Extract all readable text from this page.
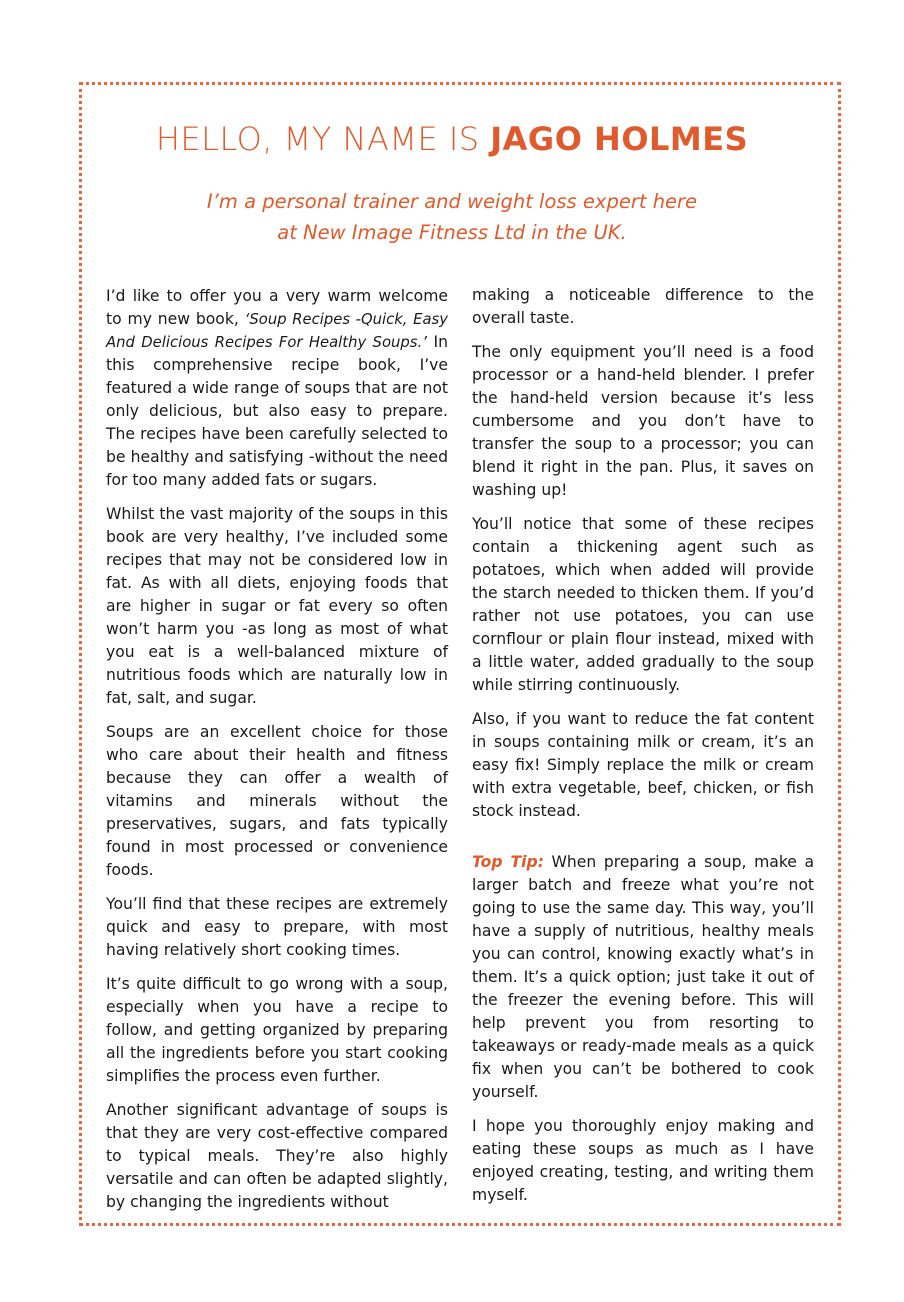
HELLO, MY NAME IS JAGO HOLMES

I’m a personal trainer and weight loss expert here
at New Image Fitness Ltd in the UK.

I’d like to offer you a very warm welcome to my new book, ‘Soup Recipes -Quick, Easy And Delicious Recipes For Healthy Soups.’ In this comprehensive recipe book, I’ve featured a wide range of soups that are not only delicious, but also easy to prepare. The recipes have been carefully selected to be healthy and satisfying -without the need for too many added fats or sugars.

Whilst the vast majority of the soups in this book are very healthy, I’ve included some recipes that may not be considered low in fat. As with all diets, enjoying foods that are higher in sugar or fat every so often won’t harm you -as long as most of what you eat is a well-balanced mixture of nutritious foods which are naturally low in fat, salt, and sugar.

Soups are an excellent choice for those who care about their health and fitness because they can offer a wealth of vitamins and minerals without the preservatives, sugars, and fats typically found in most processed or convenience foods.

You’ll find that these recipes are extremely quick and easy to prepare, with most having relatively short cooking times.

It’s quite difficult to go wrong with a soup, especially when you have a recipe to follow, and getting organized by preparing all the ingredients before you start cooking simplifies the process even further.

Another significant advantage of soups is that they are very cost-effective compared to typical meals. They’re also highly versatile and can often be adapted slightly, by changing the ingredients without

making a noticeable difference to the overall taste.

The only equipment you’ll need is a food processor or a hand-held blender. I prefer the hand-held version because it’s less cumbersome and you don’t have to transfer the soup to a processor; you can blend it right in the pan. Plus, it saves on washing up!

You’ll notice that some of these recipes contain a thickening agent such as potatoes, which when added will provide the starch needed to thicken them. If you’d rather not use potatoes, you can use cornflour or plain flour instead, mixed with a little water, added gradually to the soup while stirring continuously.

Also, if you want to reduce the fat content in soups containing milk or cream, it’s an easy fix! Simply replace the milk or cream with extra vegetable, beef, chicken, or fish stock instead.

Top Tip: When preparing a soup, make a larger batch and freeze what you’re not going to use the same day. This way, you’ll have a supply of nutritious, healthy meals you can control, knowing exactly what’s in them. It’s a quick option; just take it out of the freezer the evening before. This will help prevent you from resorting to takeaways or ready-made meals as a quick fix when you can’t be bothered to cook yourself.

I hope you thoroughly enjoy making and eating these soups as much as I have enjoyed creating, testing, and writing them myself.
